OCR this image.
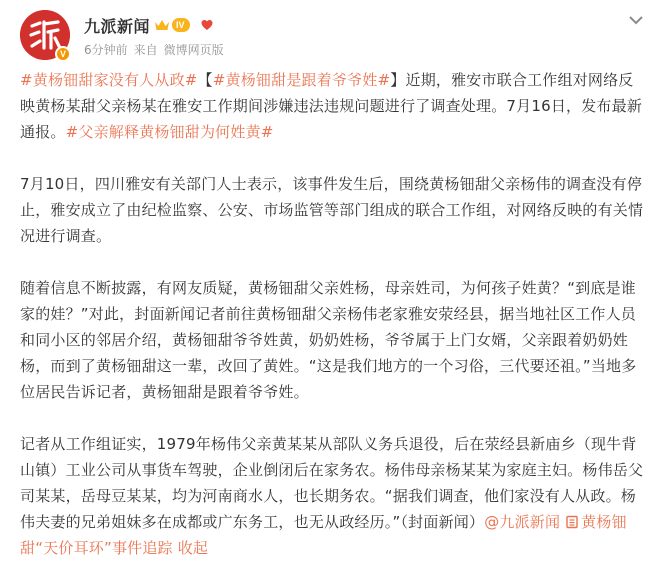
V
九派新闻	IV
6分钟前 来自 微博网页版
#黄杨钿甜家没有人从政#【#黄杨钿甜是跟着爷爷姓#】近期，雅安市联合工作组对网络反映黄杨某甜父亲杨某在雅安工作期间涉嫌违法违规问题进行了调查处理。7月16日，发布最新通报。#父亲解释黄杨钿甜为何姓黄#
7月10日，四川雅安有关部门人士表示，该事件发生后，围绕黄杨钿甜父亲杨伟的调查没有停止，雅安成立了由纪检监察、公安、市场监管等部门组成的联合工作组，对网络反映的有关情况进行调查。
随着信息不断披露，有网友质疑，黄杨钿甜父亲姓杨，母亲姓司，为何孩子姓黄？“到底是谁家的娃？”对此，封面新闻记者前往黄杨钿甜父亲杨伟老家雅安荥经县，据当地社区工作人员和同小区的邻居介绍，黄杨钿甜爷爷姓黄，奶奶姓杨，爷爷属于上门女婿，父亲跟着奶奶姓杨，而到了黄杨钿甜这一辈，改回了黄姓。“这是我们地方的一个习俗，三代要还祖。”当地多位居民告诉记者，黄杨钿甜是跟着爷爷姓。
记者从工作组证实，1979年杨伟父亲黄某某从部队义务兵退役，后在荥经县新庙乡（现牛背山镇）工业公司从事货车驾驶，企业倒闭后在家务农。杨伟母亲杨某某为家庭主妇。杨伟岳父司某某，岳母豆某某，均为河南商水人，也长期务农。“据我们调查，他们家没有人从政。杨伟夫妻的兄弟姐妹多在成都或广东务工，也无从政经历。”（封面新闻）@九派新闻 黄杨钿甜“天价耳环”事件追踪 收起
